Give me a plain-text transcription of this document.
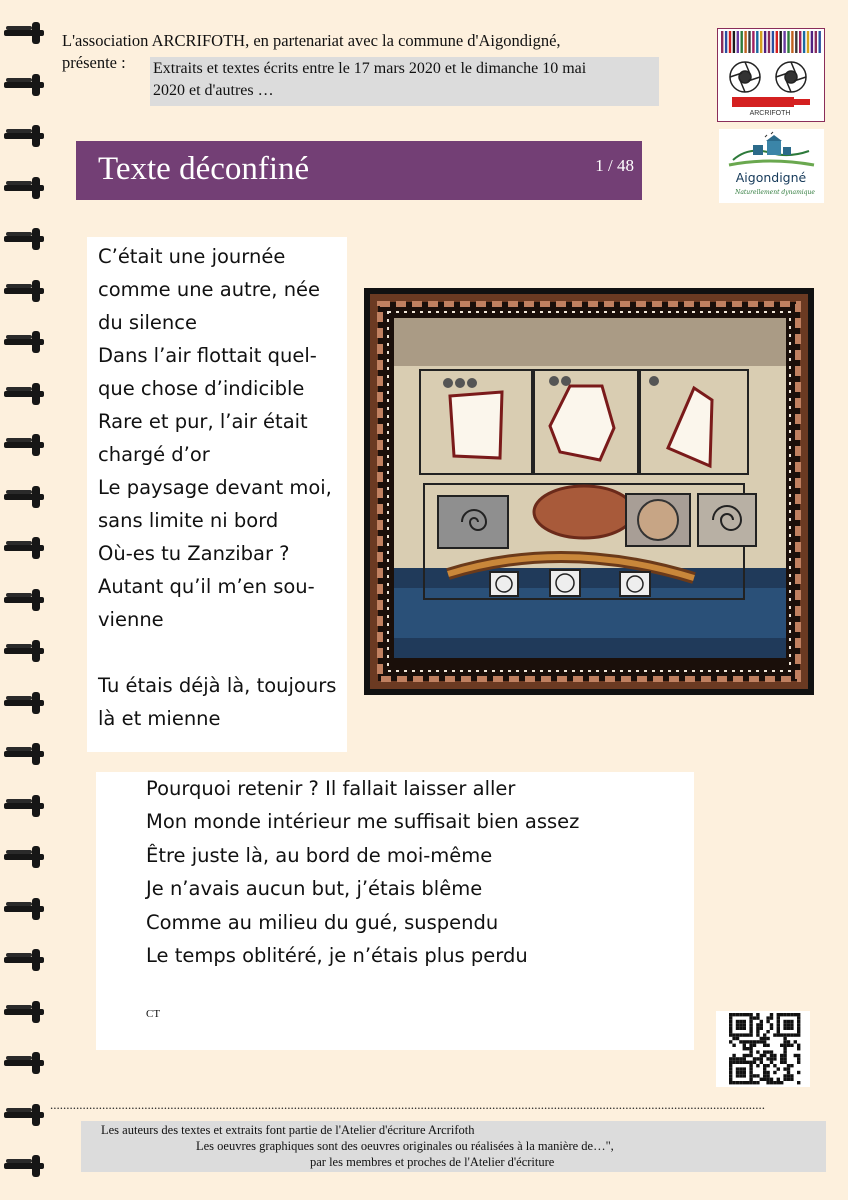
L'association ARCRIFOTH, en partenariat avec la commune d'Aigondigné,
présente : Extraits et textes écrits entre le 17 mars 2020 et le dimanche 10 mai
2020 et d'autres …
ARCRIFOTH
Aigondigné
Naturellement dynamique
Texte déconfiné	1 / 48
C’était une journée
comme une autre, née
du silence
Dans l’air flottait quel-
que chose d’indicible
Rare et pur, l’air était
chargé d’or
Le paysage devant moi,
sans limite ni bord
Où-es tu Zanzibar ?
Autant qu’il m’en sou-
vienne
Tu étais déjà là, toujours
là et mienne
Pourquoi retenir ? Il fallait laisser aller
Mon monde intérieur me suffisait bien assez
Être juste là, au bord de moi-même
Je n’avais aucun but, j’étais blême
Comme au milieu du gué, suspendu
Le temps oblitéré, je n’étais plus perdu
CT
............................................................................................................................................................................................................................
Les auteurs des textes et extraits font partie de l'Atelier d'écriture Arcrifoth
Les oeuvres graphiques sont des oeuvres originales ou réalisées à la manière de…",
par les membres et proches de l'Atelier d'écriture
